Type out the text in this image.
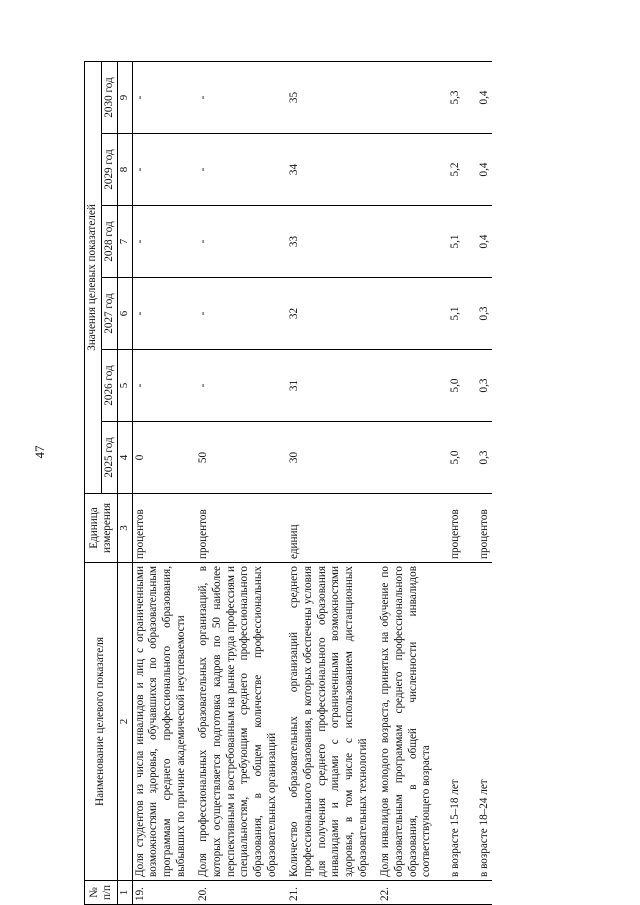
47
№ п/п	Наименование целевого показателя	Единица измерения	Значения целевых показателей					
			2025 год	2026 год	2027 год	2028 год	2029 год	2030 год
1	2	3	4	5	6	7	8	9
19.	Доля студентов из числа инвалидов и лиц с ограниченными возможностями здоровья, обучавшихся по образовательным программам среднего профессионального образования, выбывших по причине академической неуспеваемости	процентов	0	-	-	-	-	-
20.	Доля профессиональных образовательных организаций, в которых осуществляется подготовка кадров по 50 наиболее перспективным и востребованным на рынке труда профессиям и специальностям, требующим среднего профессионального образования, в общем количестве профессиональных образовательных организаций	процентов	50	-	-	-	-	-
21.	Количество образовательных организаций среднего профессионального образования, в которых обеспечены условия для получения среднего профессионального образования инвалидами и лицами с ограниченными возможностями здоровья, в том числе с использованием дистанционных образовательных технологий	единиц	30	31	32	33	34	35
22.	Доля инвалидов молодого возраста, принятых на обучение по образовательным программам среднего профессионального образования, в общей численности инвалидов соответствующего возраста							
	в возрасте 15–18 лет	процентов	5,0	5,0	5,1	5,1	5,2	5,3
	в возрасте 18–24 лет	процентов	0,3	0,3	0,3	0,4	0,4	0,4
